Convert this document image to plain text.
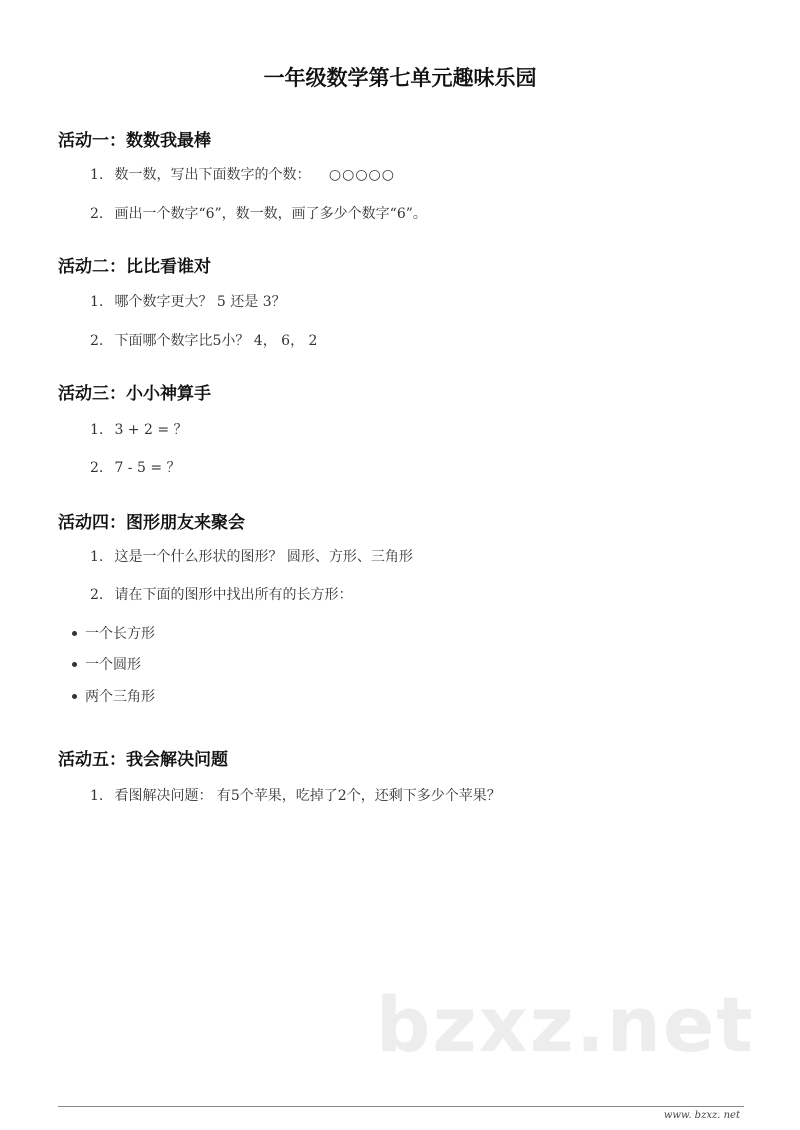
一年级数学第七单元趣味乐园
活动一：数数我最棒
1. 数一数，写出下面数字的个数： ○○○○○
2. 画出一个数字“6”，数一数，画了多少个数字“6”。
活动二：比比看谁对
1. 哪个数字更大？ 5 还是 3？
2. 下面哪个数字比5小？ 4， 6， 2
活动三：小小神算手
1. 3 + 2 = ？
2. 7 - 5 = ？
活动四：图形朋友来聚会
1. 这是一个什么形状的图形？ 圆形、方形、三角形
2. 请在下面的图形中找出所有的长方形：
一个长方形
一个圆形
两个三角形
活动五：我会解决问题
1. 看图解决问题： 有5个苹果，吃掉了2个，还剩下多少个苹果？
bzxz.net
www. bzxz. net
